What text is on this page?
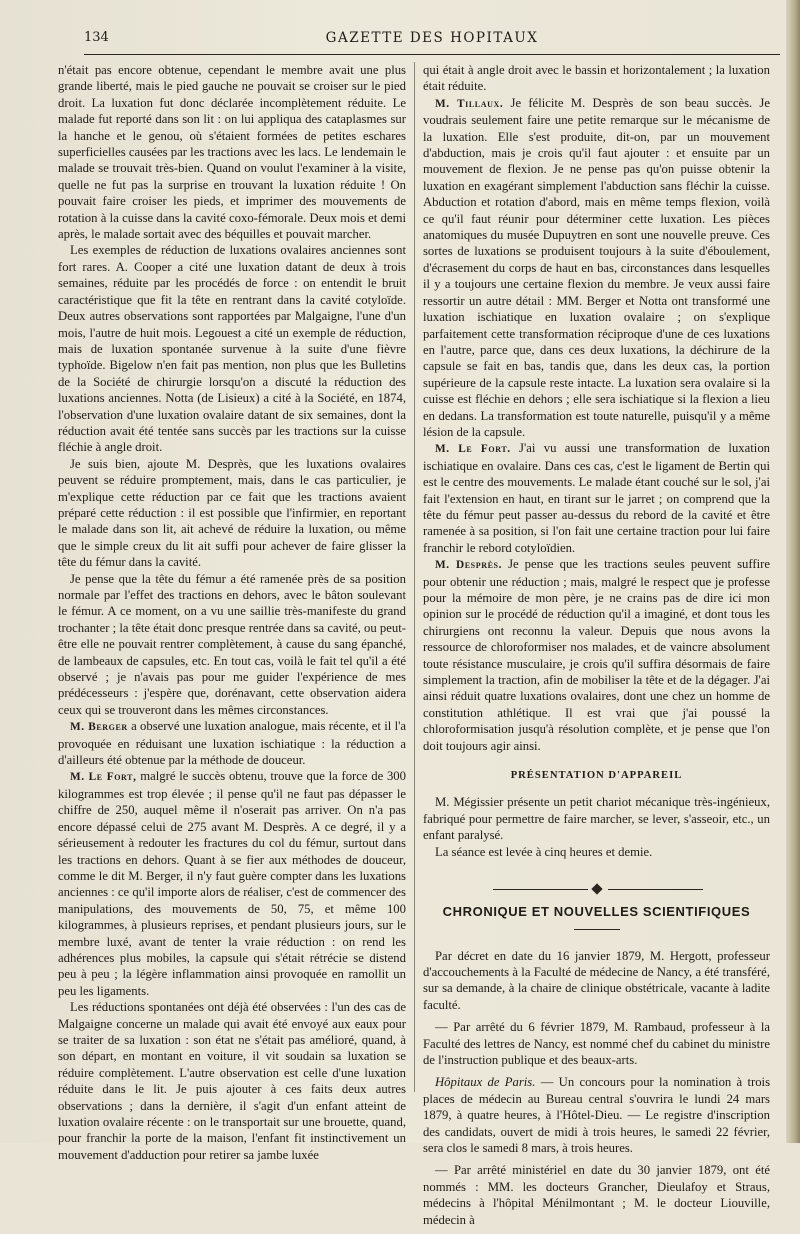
134	GAZETTE DES HOPITAUX

n'était pas encore obtenue, cependant le membre avait une plus grande liberté, mais le pied gauche ne pouvait se croiser sur le pied droit. La luxation fut donc déclarée incomplètement réduite. Le malade fut reporté dans son lit : on lui appliqua des cataplasmes sur la hanche et le genou, où s'étaient formées de petites eschares superficielles causées par les tractions avec les lacs. Le lendemain le malade se trouvait très-bien. Quand on voulut l'examiner à la visite, quelle ne fut pas la surprise en trouvant la luxation réduite ! On pouvait faire croiser les pieds, et imprimer des mouvements de rotation à la cuisse dans la cavité coxo-fémorale. Deux mois et demi après, le malade sortait avec des béquilles et pouvait marcher.

Les exemples de réduction de luxations ovalaires anciennes sont fort rares. A. Cooper a cité une luxation datant de deux à trois semaines, réduite par les procédés de force : on entendit le bruit caractéristique que fit la tête en rentrant dans la cavité cotyloïde. Deux autres observations sont rapportées par Malgaigne, l'une d'un mois, l'autre de huit mois. Legouest a cité un exemple de réduction, mais de luxation spontanée survenue à la suite d'une fièvre typhoïde. Bigelow n'en fait pas mention, non plus que les Bulletins de la Société de chirurgie lorsqu'on a discuté la réduction des luxations anciennes. Notta (de Lisieux) a cité à la Société, en 1874, l'observation d'une luxation ovalaire datant de six semaines, dont la réduction avait été tentée sans succès par les tractions sur la cuisse fléchie à angle droit.

Je suis bien, ajoute M. Desprès, que les luxations ovalaires peuvent se réduire promptement, mais, dans le cas particulier, je m'explique cette réduction par ce fait que les tractions avaient préparé cette réduction : il est possible que l'infirmier, en reportant le malade dans son lit, ait achevé de réduire la luxation, ou même que le simple creux du lit ait suffi pour achever de faire glisser la tête du fémur dans la cavité.

Je pense que la tête du fémur a été ramenée près de sa position normale par l'effet des tractions en dehors, avec le bâton soulevant le fémur. A ce moment, on a vu une saillie très-manifeste du grand trochanter ; la tête était donc presque rentrée dans sa cavité, ou peut-être elle ne pouvait rentrer complètement, à cause du sang épanché, de lambeaux de capsules, etc. En tout cas, voilà le fait tel qu'il a été observé ; je n'avais pas pour me guider l'expérience de mes prédécesseurs : j'espère que, dorénavant, cette observation aidera ceux qui se trouveront dans les mêmes circonstances.

M. Berger a observé une luxation analogue, mais récente, et il l'a provoquée en réduisant une luxation ischiatique : la réduction a d'ailleurs été obtenue par la méthode de douceur.

M. Le Fort, malgré le succès obtenu, trouve que la force de 300 kilogrammes est trop élevée ; il pense qu'il ne faut pas dépasser le chiffre de 250, auquel même il n'oserait pas arriver. On n'a pas encore dépassé celui de 275 avant M. Desprès. A ce degré, il y a sérieusement à redouter les fractures du col du fémur, surtout dans les tractions en dehors. Quant à se fier aux méthodes de douceur, comme le dit M. Berger, il n'y faut guère compter dans les luxations anciennes : ce qu'il importe alors de réaliser, c'est de commencer des manipulations, des mouvements de 50, 75, et même 100 kilogrammes, à plusieurs reprises, et pendant plusieurs jours, sur le membre luxé, avant de tenter la vraie réduction : on rend les adhérences plus mobiles, la capsule qui s'était rétrécie se distend peu à peu ; la légère inflammation ainsi provoquée en ramollit un peu les ligaments.

Les réductions spontanées ont déjà été observées : l'un des cas de Malgaigne concerne un malade qui avait été envoyé aux eaux pour se traiter de sa luxation : son état ne s'était pas amélioré, quand, à son départ, en montant en voiture, il vit soudain sa luxation se réduire complètement. L'autre observation est celle d'une luxation réduite dans le lit. Je puis ajouter à ces faits deux autres observations ; dans la dernière, il s'agit d'un enfant atteint de luxation ovalaire récente : on le transportait sur une brouette, quand, pour franchir la porte de la maison, l'enfant fit instinctivement un mouvement d'adduction pour retirer sa jambe luxée

qui était à angle droit avec le bassin et horizontalement ; la luxation était réduite.

M. Tillaux. Je félicite M. Desprès de son beau succès. Je voudrais seulement faire une petite remarque sur le mécanisme de la luxation. Elle s'est produite, dit-on, par un mouvement d'abduction, mais je crois qu'il faut ajouter : et ensuite par un mouvement de flexion. Je ne pense pas qu'on puisse obtenir la luxation en exagérant simplement l'abduction sans fléchir la cuisse. Abduction et rotation d'abord, mais en même temps flexion, voilà ce qu'il faut réunir pour déterminer cette luxation. Les pièces anatomiques du musée Dupuytren en sont une nouvelle preuve. Ces sortes de luxations se produisent toujours à la suite d'éboulement, d'écrasement du corps de haut en bas, circonstances dans lesquelles il y a toujours une certaine flexion du membre. Je veux aussi faire ressortir un autre détail : MM. Berger et Notta ont transformé une luxation ischiatique en luxation ovalaire ; on s'explique parfaitement cette transformation réciproque d'une de ces luxations en l'autre, parce que, dans ces deux luxations, la déchirure de la capsule se fait en bas, tandis que, dans les deux cas, la portion supérieure de la capsule reste intacte. La luxation sera ovalaire si la cuisse est fléchie en dehors ; elle sera ischiatique si la flexion a lieu en dedans. La transformation est toute naturelle, puisqu'il y a même lésion de la capsule.

M. Le Fort. J'ai vu aussi une transformation de luxation ischiatique en ovalaire. Dans ces cas, c'est le ligament de Bertin qui est le centre des mouvements. Le malade étant couché sur le sol, j'ai fait l'extension en haut, en tirant sur le jarret ; on comprend que la tête du fémur peut passer au-dessus du rebord de la cavité et être ramenée à sa position, si l'on fait une certaine traction pour lui faire franchir le rebord cotyloïdien.

M. Desprès. Je pense que les tractions seules peuvent suffire pour obtenir une réduction ; mais, malgré le respect que je professe pour la mémoire de mon père, je ne crains pas de dire ici mon opinion sur le procédé de réduction qu'il a imaginé, et dont tous les chirurgiens ont reconnu la valeur. Depuis que nous avons la ressource de chloroformiser nos malades, et de vaincre absolument toute résistance musculaire, je crois qu'il suffira désormais de faire simplement la traction, afin de mobiliser la tête et de la dégager. J'ai ainsi réduit quatre luxations ovalaires, dont une chez un homme de constitution athlétique. Il est vrai que j'ai poussé la chloroformisation jusqu'à résolution complète, et je pense que l'on doit toujours agir ainsi.

PRÉSENTATION D'APPAREIL

M. Mégissier présente un petit chariot mécanique très-ingénieux, fabriqué pour permettre de faire marcher, se lever, s'asseoir, etc., un enfant paralysé.

La séance est levée à cinq heures et demie.

CHRONIQUE ET NOUVELLES SCIENTIFIQUES

Par décret en date du 16 janvier 1879, M. Hergott, professeur d'accouchements à la Faculté de médecine de Nancy, a été transféré, sur sa demande, à la chaire de clinique obstétricale, vacante à ladite faculté.

— Par arrêté du 6 février 1879, M. Rambaud, professeur à la Faculté des lettres de Nancy, est nommé chef du cabinet du ministre de l'instruction publique et des beaux-arts.

Hôpitaux de Paris. — Un concours pour la nomination à trois places de médecin au Bureau central s'ouvrira le lundi 24 mars 1879, à quatre heures, à l'Hôtel-Dieu. — Le registre d'inscription des candidats, ouvert de midi à trois heures, le samedi 22 février, sera clos le samedi 8 mars, à trois heures.

— Par arrêté ministériel en date du 30 janvier 1879, ont été nommés : MM. les docteurs Grancher, Dieulafoy et Straus, médecins à l'hôpital Ménilmontant ; M. le docteur Liouville, médecin à
